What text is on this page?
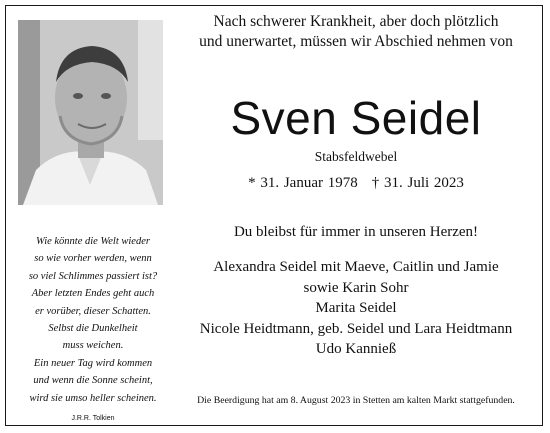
Wie könnte die Welt wieder
so wie vorher werden, wenn
so viel Schlimmes passiert ist?
Aber letzten Endes geht auch
er vorüber, dieser Schatten.
Selbst die Dunkelheit
muss weichen.
Ein neuer Tag wird kommen
und wenn die Sonne scheint,
wird sie umso heller scheinen.
J.R.R. Tolkien
Nach schwerer Krankheit, aber doch plötzlich
und unerwartet, müssen wir Abschied nehmen von
Sven Seidel
Stabsfeldwebel
* 31. Januar 1978 † 31. Juli 2023
Du bleibst für immer in unseren Herzen!
Alexandra Seidel mit Maeve, Caitlin und Jamie
sowie Karin Sohr
Marita Seidel
Nicole Heidtmann, geb. Seidel und Lara Heidtmann
Udo Kannieß
Die Beerdigung hat am 8. August 2023 in Stetten am kalten Markt stattgefunden.
